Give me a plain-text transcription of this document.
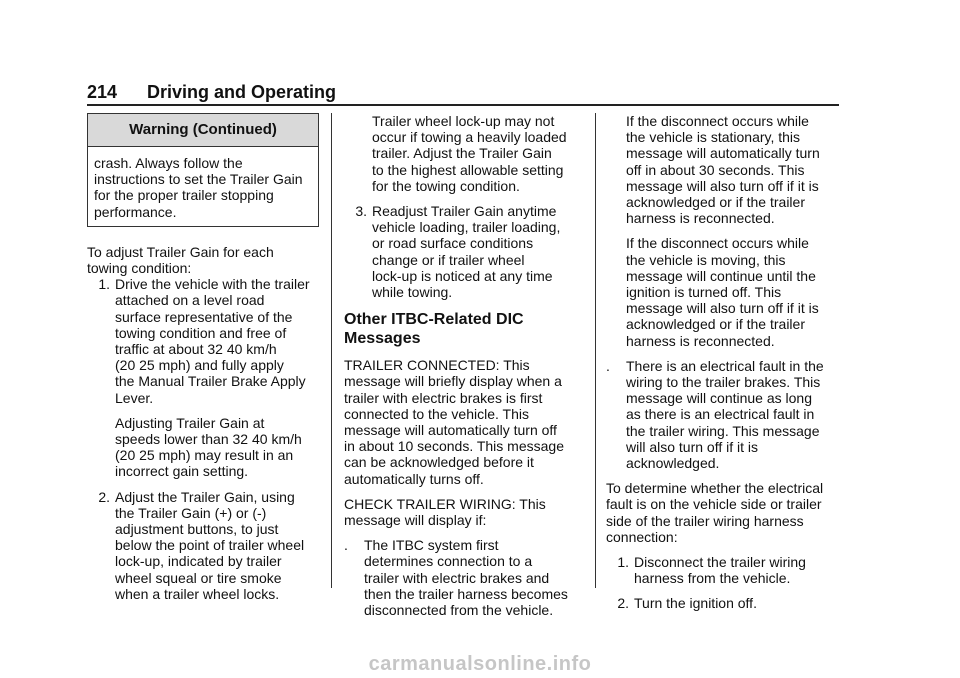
214 Driving and Operating
Warning (Continued)
crash. Always follow the
instructions to set the Trailer Gain
for the proper trailer stopping
performance.

To adjust Trailer Gain for each
towing condition:

1. Drive the vehicle with the trailer
attached on a level road
surface representative of the
towing condition and free of
traffic at about 32 40 km/h
(20 25 mph) and fully apply
the Manual Trailer Brake Apply
Lever.
Adjusting Trailer Gain at
speeds lower than 32 40 km/h
(20 25 mph) may result in an
incorrect gain setting.
2. Adjust the Trailer Gain, using
the Trailer Gain (+) or (-)
adjustment buttons, to just
below the point of trailer wheel
lock-up, indicated by trailer
wheel squeal or tire smoke
when a trailer wheel locks.
Trailer wheel lock-up may not
occur if towing a heavily loaded
trailer. Adjust the Trailer Gain
to the highest allowable setting
for the towing condition.
3. Readjust Trailer Gain anytime
vehicle loading, trailer loading,
or road surface conditions
change or if trailer wheel
lock-up is noticed at any time
while towing.
Other ITBC-Related DIC
Messages

TRAILER CONNECTED: This
message will briefly display when a
trailer with electric brakes is first
connected to the vehicle. This
message will automatically turn off
in about 10 seconds. This message
can be acknowledged before it
automatically turns off.

CHECK TRAILER WIRING: This
message will display if:

.	The ITBC system first
determines connection to a
trailer with electric brakes and
then the trailer harness becomes
disconnected from the vehicle.
If the disconnect occurs while
the vehicle is stationary, this
message will automatically turn
off in about 30 seconds. This
message will also turn off if it is
acknowledged or if the trailer
harness is reconnected.
If the disconnect occurs while
the vehicle is moving, this
message will continue until the
ignition is turned off. This
message will also turn off if it is
acknowledged or if the trailer
harness is reconnected.
.	There is an electrical fault in the
wiring to the trailer brakes. This
message will continue as long
as there is an electrical fault in
the trailer wiring. This message
will also turn off if it is
acknowledged.

To determine whether the electrical
fault is on the vehicle side or trailer
side of the trailer wiring harness
connection:

1. Disconnect the trailer wiring
harness from the vehicle.
2. Turn the ignition off.
carmanualsonline.info
